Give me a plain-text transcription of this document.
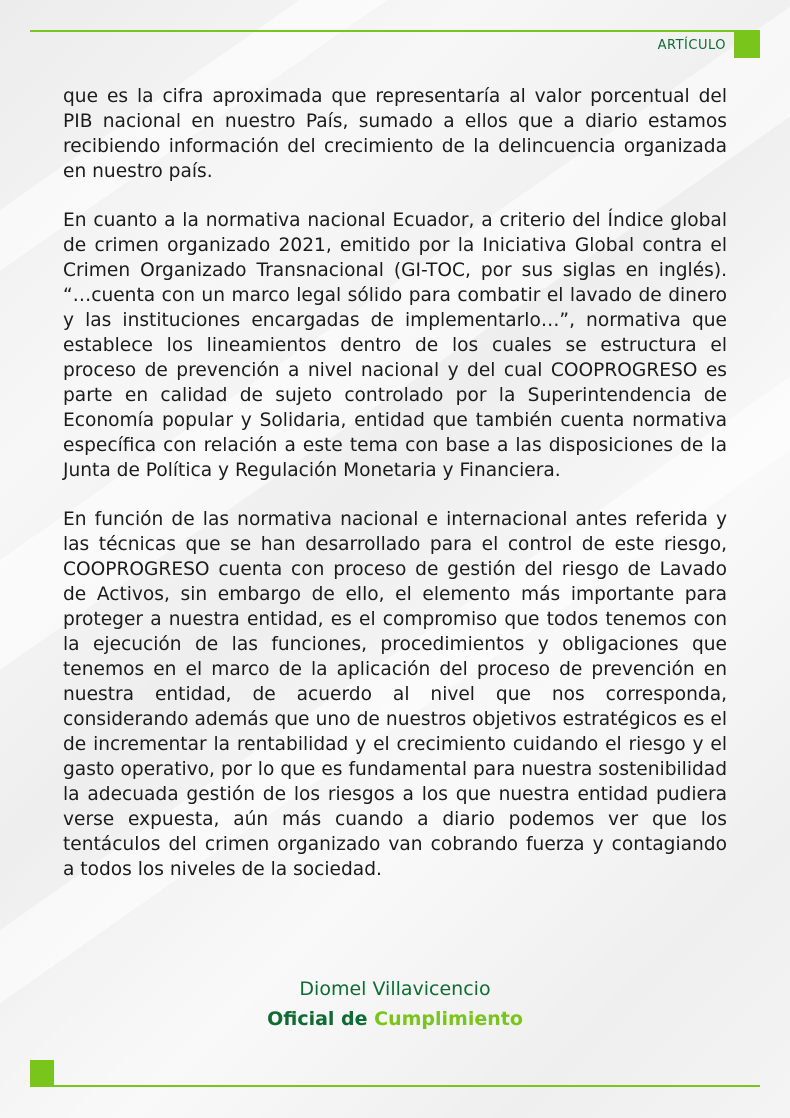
ARTÍCULO

que es la cifra aproximada que representaría al valor porcentual del PIB nacional en nuestro País, sumado a ellos que a diario estamos recibiendo información del crecimiento de la delincuencia organizada en nuestro país.

En cuanto a la normativa nacional Ecuador, a criterio del Índice global de crimen organizado 2021, emitido por la Iniciativa Global contra el Crimen Organizado Transnacional (GI-TOC, por sus siglas en inglés). “…cuenta con un marco legal sólido para combatir el lavado de dinero y las instituciones encargadas de implementarlo…”, normativa que establece los lineamientos dentro de los cuales se estructura el proceso de prevención a nivel nacional y del cual COOPROGRESO es parte en calidad de sujeto controlado por la Superintendencia de Economía popular y Solidaria, entidad que también cuenta normativa específica con relación a este tema con base a las disposiciones de la Junta de Política y Regulación Monetaria y Financiera.

En función de las normativa nacional e internacional antes referida y las técnicas que se han desarrollado para el control de este riesgo, COOPROGRESO cuenta con proceso de gestión del riesgo de Lavado de Activos, sin embargo de ello, el elemento más importante para proteger a nuestra entidad, es el compromiso que todos tenemos con la ejecución de las funciones, procedimientos y obligaciones que tenemos en el marco de la aplicación del proceso de prevención en nuestra entidad, de acuerdo al nivel que nos corresponda, considerando además que uno de nuestros objetivos estratégicos es el de incrementar la rentabilidad y el crecimiento cuidando el riesgo y el gasto operativo, por lo que es fundamental para nuestra sostenibilidad la adecuada gestión de los riesgos a los que nuestra entidad pudiera verse expuesta, aún más cuando a diario podemos ver que los tentáculos del crimen organizado van cobrando fuerza y contagiando a todos los niveles de la sociedad.

Diomel Villavicencio
Oficial de Cumplimiento
